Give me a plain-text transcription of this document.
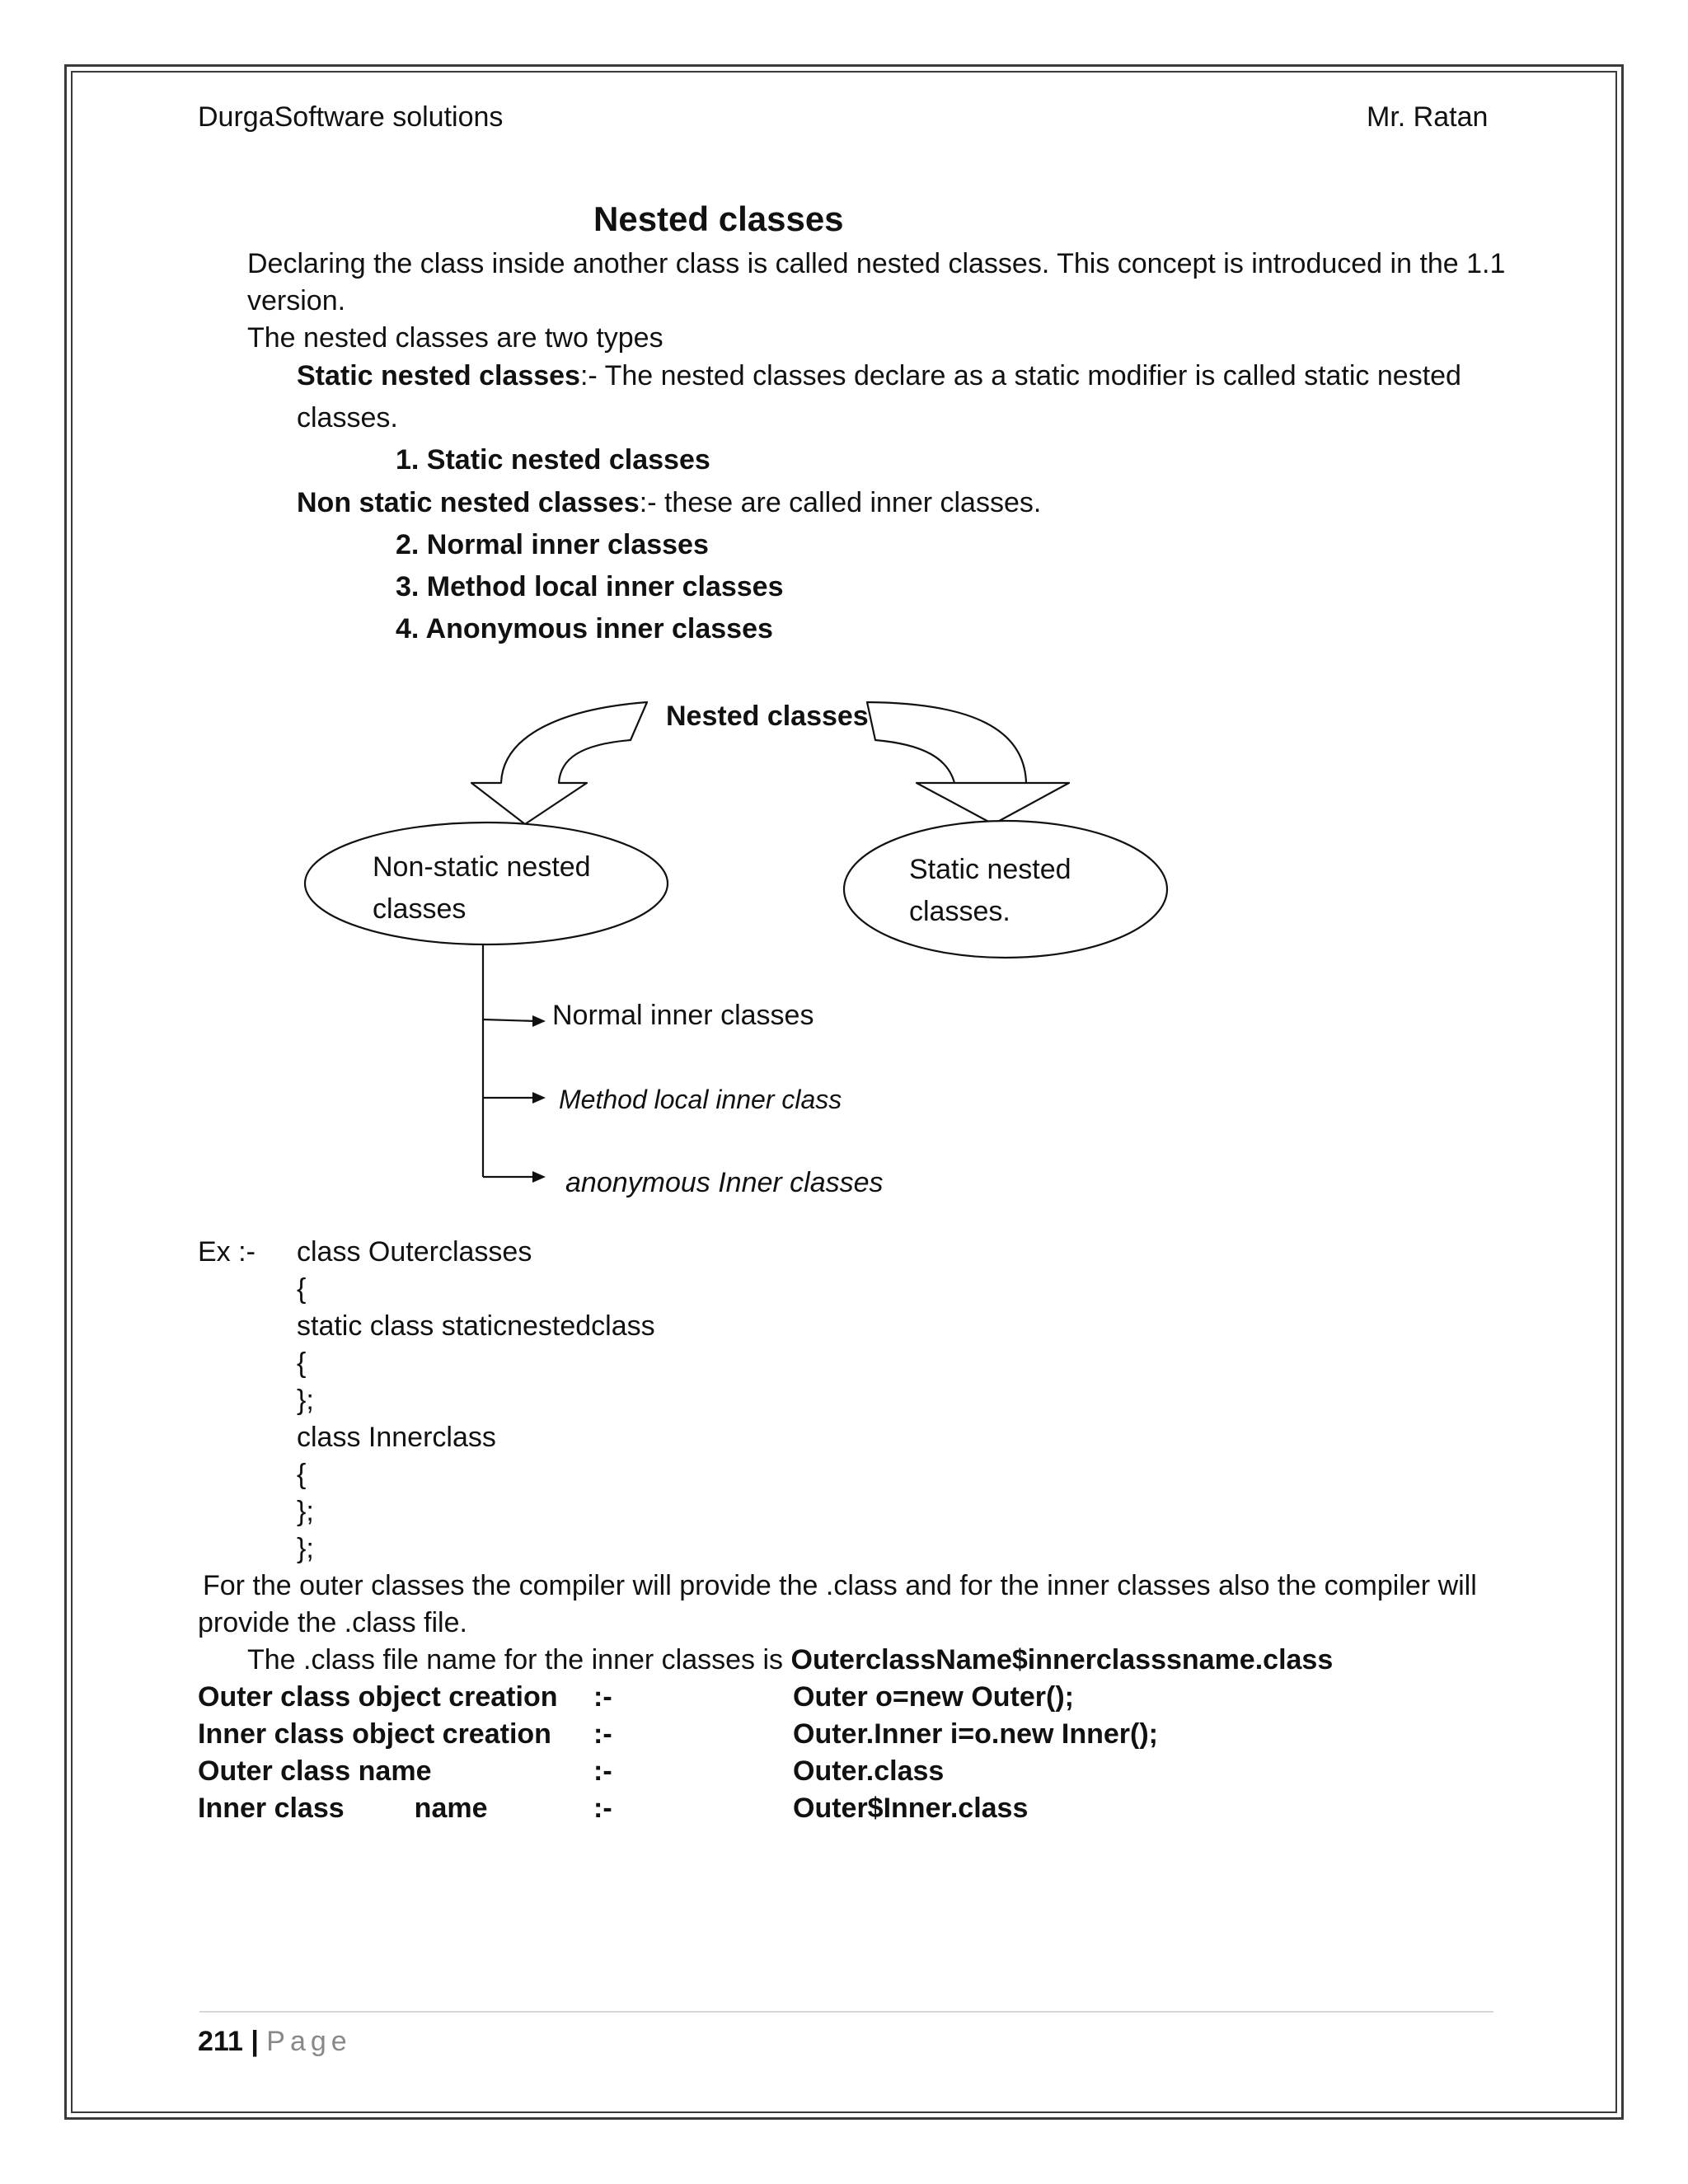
DurgaSoftware solutions	Mr. Ratan
Nested classes
Declaring the class inside another class is called nested classes. This concept is introduced in the 1.1
version.
The nested classes are two types
Static nested classes:- The nested classes declare as a static modifier is called static nested
classes.
1. Static nested classes
Non static nested classes:- these are called inner classes.
2. Normal inner classes
3. Method local inner classes
4. Anonymous inner classes
Nested classes
Non-static nested
classes
Static nested
classes.
Normal inner classes
Method local inner class
anonymous Inner classes
Ex :- class Outerclasses
{
static class staticnestedclass
{
};
class Innerclass
{
};
};
For the outer classes the compiler will provide the .class and for the inner classes also the compiler will
provide the .class file.
The .class file name for the inner classes is OuterclassName$innerclasssname.class
Outer class object creation :-	Outer o=new Outer();
Inner class object creation :-	Outer.Inner i=o.new Inner();
Outer class name	:-	Outer.class
Inner class         name	:-	Outer$Inner.class
211 | Page
